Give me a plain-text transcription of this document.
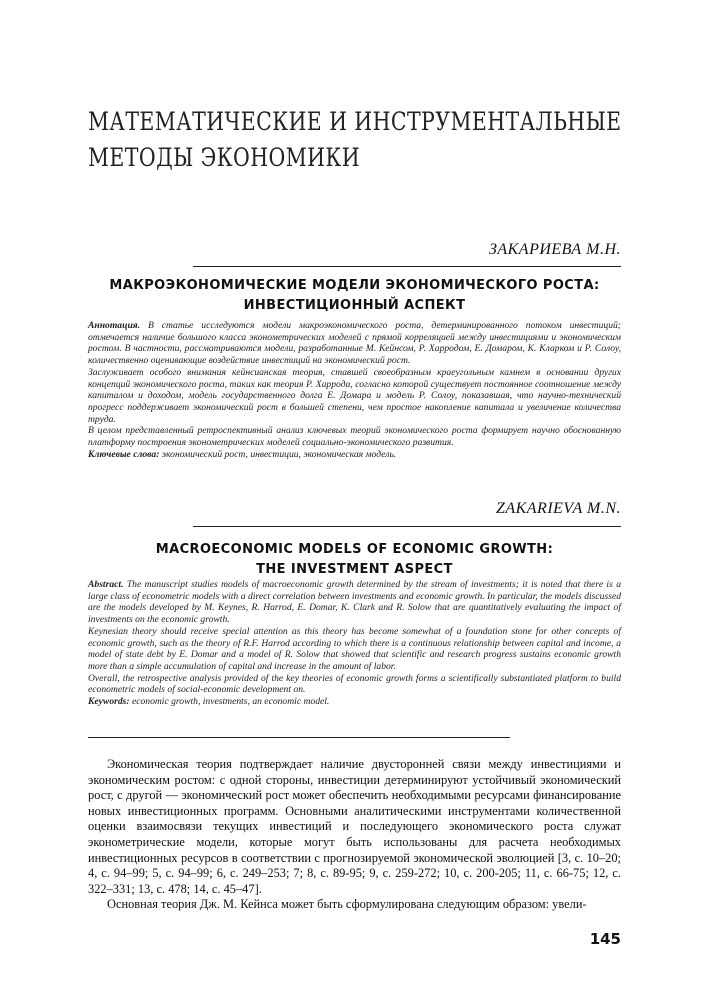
МАТЕМАТИЧЕСКИЕ И ИНСТРУМЕНТАЛЬНЫЕ
МЕТОДЫ ЭКОНОМИКИ
ЗАКАРИЕВА М.Н.
МАКРОЭКОНОМИЧЕСКИЕ МОДЕЛИ ЭКОНОМИЧЕСКОГО РОСТА:
ИНВЕСТИЦИОННЫЙ АСПЕКТ

Аннотация. В статье исследуются модели макроэкономического роста, детерминированного потоком инвестиций; отмечается наличие большого класса эконометрических моделей с прямой корреляцией между инвестициями и экономическим ростом. В частности, рассматриваются модели, разработанные М. Кейнсом, Р. Харродом, Е. Домаром, К. Кларком и Р. Солоу, количественно оценивающие воздействие инвестиций на экономический рост.

Заслуживает особого внимания кейнсианская теория, ставшей своеобразным краеугольным камнем в основании других концепций экономического роста, таких как теория Р. Харрода, согласно которой существует постоянное соотношение между капиталом и доходом, модель государственного долга Е. Домара и модель Р. Солоу, показавшая, что научно-технический прогресс поддерживает экономический рост в большей степени, чем простое накопление капитала и увеличение количества труда.

В целом представленный ретроспективный анализ ключевых теорий экономического роста формирует научно обоснованную платформу построения эконометрических моделей социально-экономического развития.

Ключевые слова: экономический рост, инвестиции, экономическая модель.

ZAKARIEVA M.N.
MACROECONOMIC MODELS OF ECONOMIC GROWTH:
THE INVESTMENT ASPECT

Abstract. The manuscript studies models of macroeconomic growth determined by the stream of investments; it is noted that there is a large class of econometric models with a direct correlation between investments and economic growth. In particular, the models discussed are the models developed by M. Keynes, R. Harrod, E. Domar, K. Clark and R. Solow that are quantitatively evaluating the impact of investments on the economic growth.

Keynesian theory should receive special attention as this theory has become somewhat of a foundation stone for other concepts of economic growth, such as the theory of R.F. Harrod according to which there is a continuous relationship between capital and income, a model of state debt by E. Domar and a model of R. Solow that showed that scientific and research progress sustains economic growth more than a simple accumulation of capital and increase in the amount of labor.

Overall, the retrospective analysis provided of the key theories of economic growth forms a scientifically substantiated platform to build econometric models of social-economic development on.

Keywords: economic growth, investments, an economic model.

Экономическая теория подтверждает наличие двусторонней связи между инвестициями и экономическим ростом: с одной стороны, инвестиции детерминируют устойчивый экономический рост, с другой — экономический рост может обеспечить необходимыми ресурсами финансирование новых инвестиционных программ. Основными аналитическими инструментами количественной оценки взаимосвязи текущих инвестиций и последующего экономического роста служат эконометрические модели, которые могут быть использованы для расчета необходимых инвестиционных ресурсов в соответствии с прогнозируемой экономической эволюцией [3, с. 10–20; 4, с. 94–99; 5, с. 94–99; 6, с. 249–253; 7; 8, с. 89-95; 9, с. 259-272; 10, с. 200-205; 11, с. 66-75; 12, с. 322–331; 13, с. 478; 14, с. 45–47].

Основная теория Дж. М. Кейнса может быть сформулирована следующим образом: увели-

145
